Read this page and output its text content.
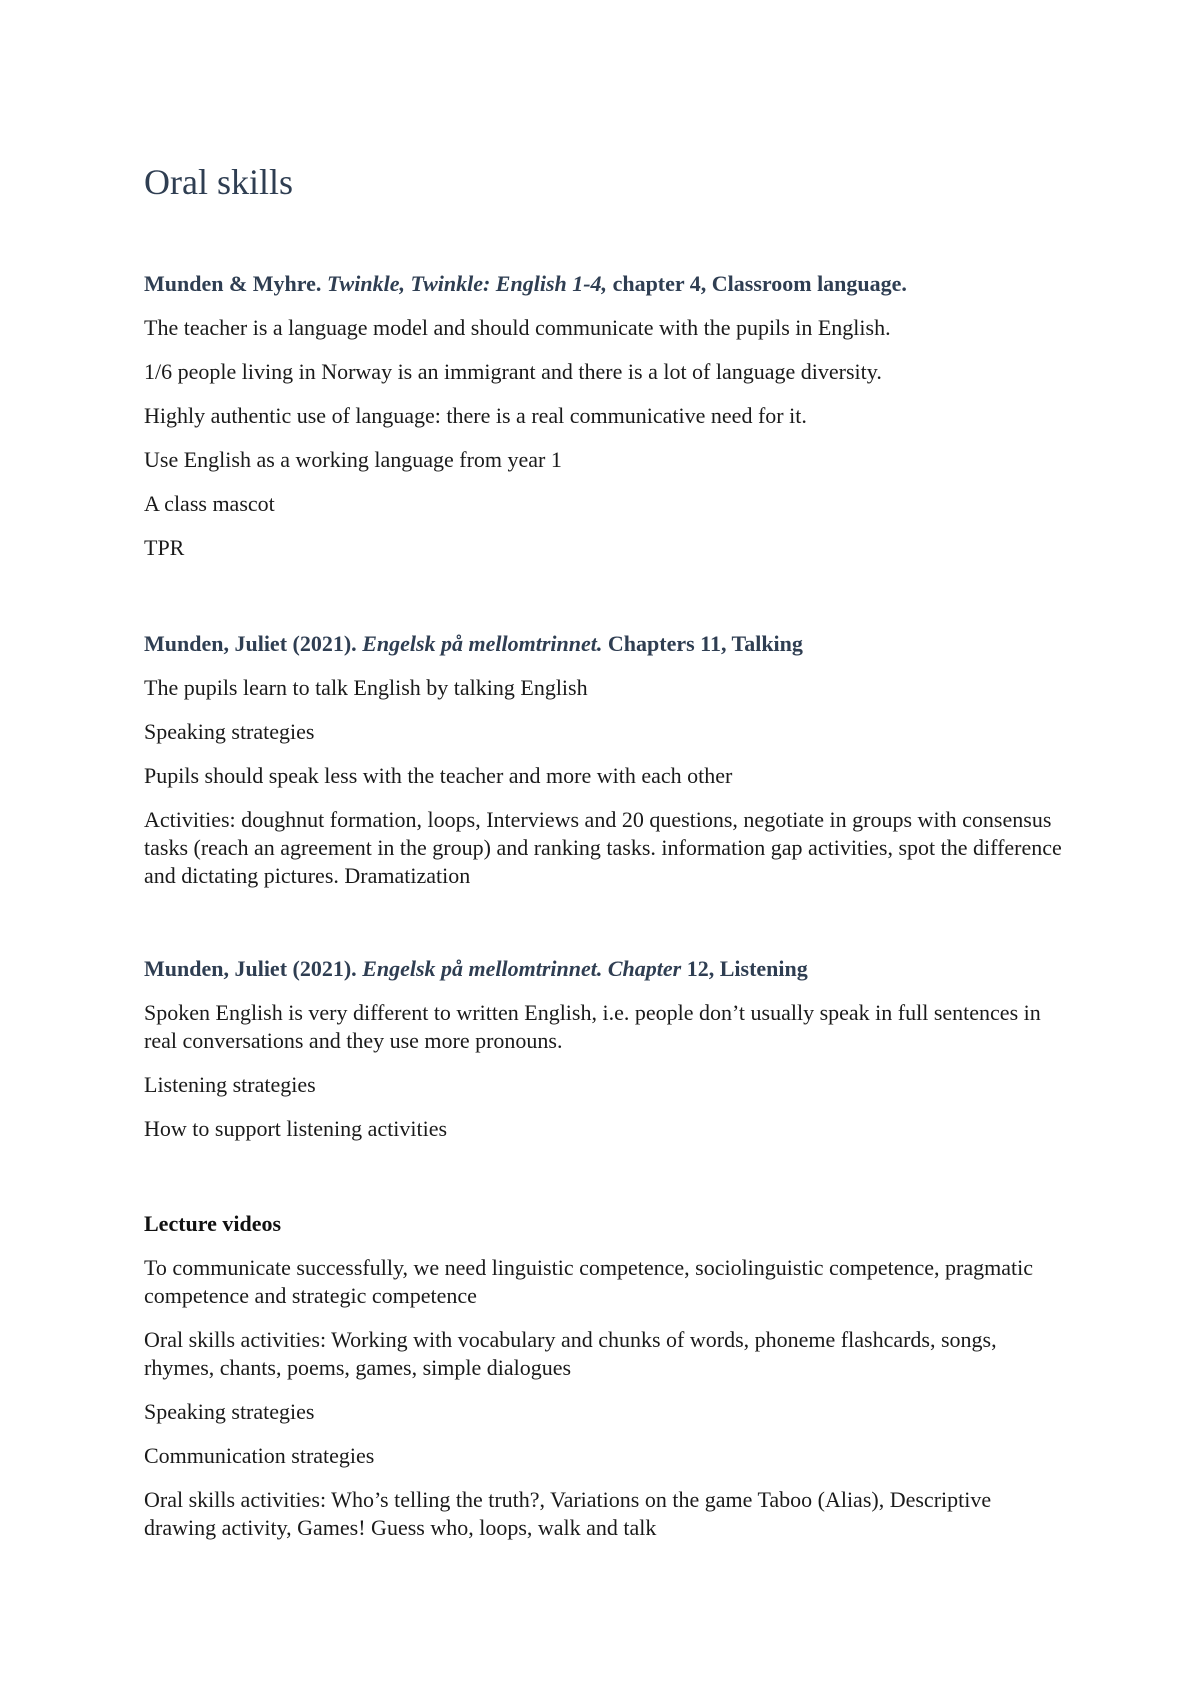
Oral skills

Munden & Myhre. Twinkle, Twinkle: English 1-4, chapter 4, Classroom language.

The teacher is a language model and should communicate with the pupils in English.

1/6 people living in Norway is an immigrant and there is a lot of language diversity.

Highly authentic use of language: there is a real communicative need for it.

Use English as a working language from year 1

A class mascot

TPR

Munden, Juliet (2021). Engelsk på mellomtrinnet. Chapters 11, Talking

The pupils learn to talk English by talking English

Speaking strategies

Pupils should speak less with the teacher and more with each other

Activities: doughnut formation, loops, Interviews and 20 questions, negotiate in groups with consensus tasks (reach an agreement in the group) and ranking tasks. information gap activities, spot the difference and dictating pictures. Dramatization

Munden, Juliet (2021). Engelsk på mellomtrinnet. Chapter 12, Listening

Spoken English is very different to written English, i.e. people don’t usually speak in full sentences in real conversations and they use more pronouns.

Listening strategies

How to support listening activities

Lecture videos

To communicate successfully, we need linguistic competence, sociolinguistic competence, pragmatic competence and strategic competence

Oral skills activities: Working with vocabulary and chunks of words, phoneme flashcards, songs, rhymes, chants, poems, games, simple dialogues

Speaking strategies

Communication strategies

Oral skills activities: Who’s telling the truth?, Variations on the game Taboo (Alias), Descriptive drawing activity, Games! Guess who, loops, walk and talk
